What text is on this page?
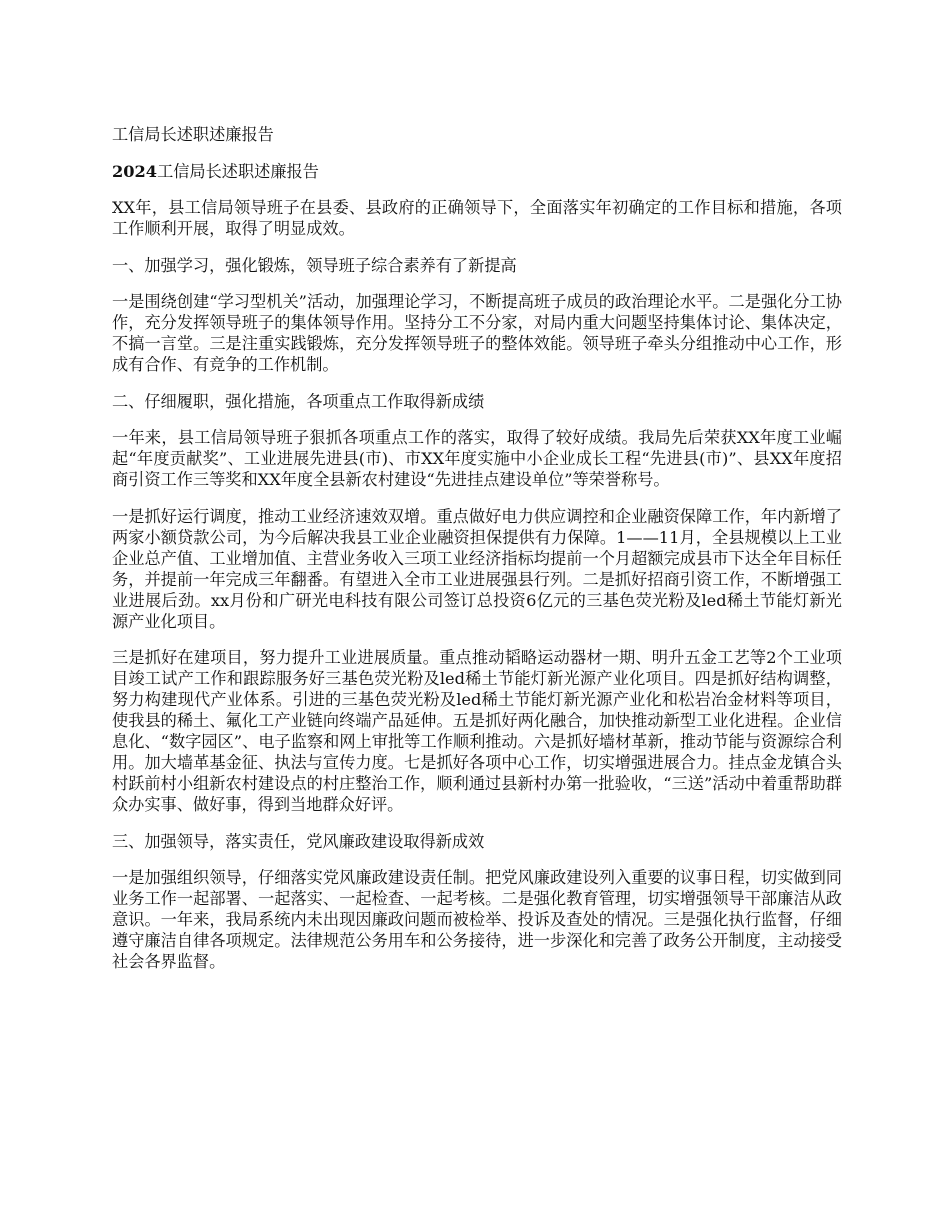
工信局长述职述廉报告

2024工信局长述职述廉报告

XX年，县工信局领导班子在县委、县政府的正确领导下，全面落实年初确定的工作目标和措施，各项工作顺利开展，取得了明显成效。

一、加强学习，强化锻炼，领导班子综合素养有了新提高

一是围绕创建“学习型机关”活动，加强理论学习，不断提高班子成员的政治理论水平。二是强化分工协作，充分发挥领导班子的集体领导作用。坚持分工不分家，对局内重大问题坚持集体讨论、集体决定，不搞一言堂。三是注重实践锻炼，充分发挥领导班子的整体效能。领导班子牵头分组推动中心工作，形成有合作、有竞争的工作机制。

二、仔细履职，强化措施，各项重点工作取得新成绩

一年来，县工信局领导班子狠抓各项重点工作的落实，取得了较好成绩。我局先后荣获XX年度工业崛起“年度贡献奖”、工业进展先进县(市)、市XX年度实施中小企业成长工程“先进县(市)”、县XX年度招商引资工作三等奖和XX年度全县新农村建设“先进挂点建设单位”等荣誉称号。

一是抓好运行调度，推动工业经济速效双增。重点做好电力供应调控和企业融资保障工作，年内新增了两家小额贷款公司，为今后解决我县工业企业融资担保提供有力保障。1——11月，全县规模以上工业企业总产值、工业增加值、主营业务收入三项工业经济指标均提前一个月超额完成县市下达全年目标任务，并提前一年完成三年翻番。有望进入全市工业进展强县行列。二是抓好招商引资工作，不断增强工业进展后劲。xx月份和广研光电科技有限公司签订总投资6亿元的三基色荧光粉及led稀土节能灯新光源产业化项目。

三是抓好在建项目，努力提升工业进展质量。重点推动韬略运动器材一期、明升五金工艺等2个工业项目竣工试产工作和跟踪服务好三基色荧光粉及led稀土节能灯新光源产业化项目。四是抓好结构调整，努力构建现代产业体系。引进的三基色荧光粉及led稀土节能灯新光源产业化和松岩冶金材料等项目，使我县的稀土、氟化工产业链向终端产品延伸。五是抓好两化融合，加快推动新型工业化进程。企业信息化、“数字园区”、电子监察和网上审批等工作顺利推动。六是抓好墙材革新，推动节能与资源综合利用。加大墙革基金征、执法与宣传力度。七是抓好各项中心工作，切实增强进展合力。挂点金龙镇合头村跃前村小组新农村建设点的村庄整治工作，顺利通过县新村办第一批验收，“三送”活动中着重帮助群众办实事、做好事，得到当地群众好评。

三、加强领导，落实责任，党风廉政建设取得新成效

一是加强组织领导，仔细落实党风廉政建设责任制。把党风廉政建设列入重要的议事日程，切实做到同业务工作一起部署、一起落实、一起检查、一起考核。二是强化教育管理，切实增强领导干部廉洁从政意识。一年来，我局系统内未出现因廉政问题而被检举、投诉及查处的情况。三是强化执行监督，仔细遵守廉洁自律各项规定。法律规范公务用车和公务接待，进一步深化和完善了政务公开制度，主动接受社会各界监督。
